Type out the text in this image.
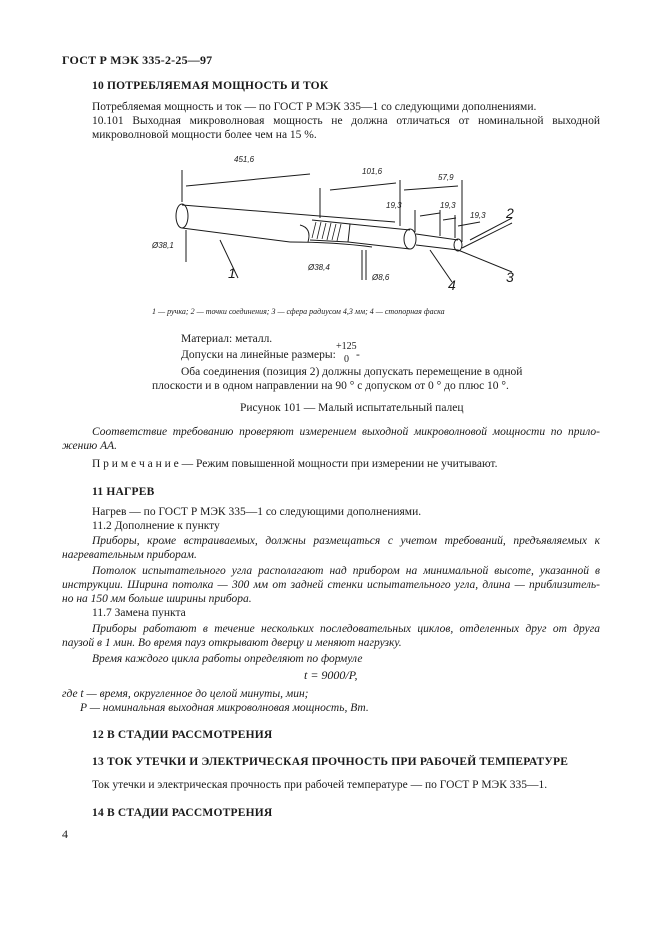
ГОСТ Р МЭК 335-2-25—97
10 ПОТРЕБЛЯЕМАЯ МОЩНОСТЬ И ТОК
Потребляемая мощность и ток — по ГОСТ Р МЭК 335—1 со следующими дополнениями.
10.101 Выходная микроволновая мощность не должна отличаться от номинальной выходной
микроволновой мощности более чем на 15 %.
451,6
101,6
57,9
19,3	19,3
19,3
Ø38,1
Ø38,4
Ø8,6
1
2
3
4
1 — ручка; 2 — точки соединения; 3 — сфера радиусом 4,3 мм; 4 — стопорная фаска
Материал: металл.
Допуски на линейные размеры:
+125
0 -
Оба соединения (позиция 2) должны допускать перемещение в одной
плоскости и в одном направлении на 90 ° с допуском от 0 ° до плюс 10 °.
Рисунок 101 — Малый испытательный палец
Соответствие требованию проверяют измерением выходной микроволновой мощности по прило-
жению АА.
П р и м е ч а н и е — Режим повышенной мощности при измерении не учитывают.
11 НАГРЕВ
Нагрев — по ГОСТ Р МЭК 335—1 со следующими дополнениями.
11.2 Дополнение к пункту
Приборы, кроме встраиваемых, должны размещаться с учетом требований, предъявляемых к
нагревательным приборам.
Потолок испытательного угла располагают над прибором на минимальной высоте, указанной в
инструкции. Ширина потолка — 300 мм от задней стенки испытательного угла, длина — приблизитель-
но на 150 мм больше ширины прибора.
11.7 Замена пункта
Приборы работают в течение нескольких последовательных циклов, отделенных друг от друга
паузой в 1 мин. Во время пауз открывают дверцу и меняют нагрузку.
Время каждого цикла работы определяют по формуле
t = 9000/P,
где t — время, округленное до целой минуты, мин;
P — номинальная выходная микроволновая мощность, Вт.
12 В СТАДИИ РАССМОТРЕНИЯ
13 ТОК УТЕЧКИ И ЭЛЕКТРИЧЕСКАЯ ПРОЧНОСТЬ ПРИ РАБОЧЕЙ ТЕМПЕРАТУРЕ
Ток утечки и электрическая прочность при рабочей температуре — по ГОСТ Р МЭК 335—1.
14 В СТАДИИ РАССМОТРЕНИЯ
4
